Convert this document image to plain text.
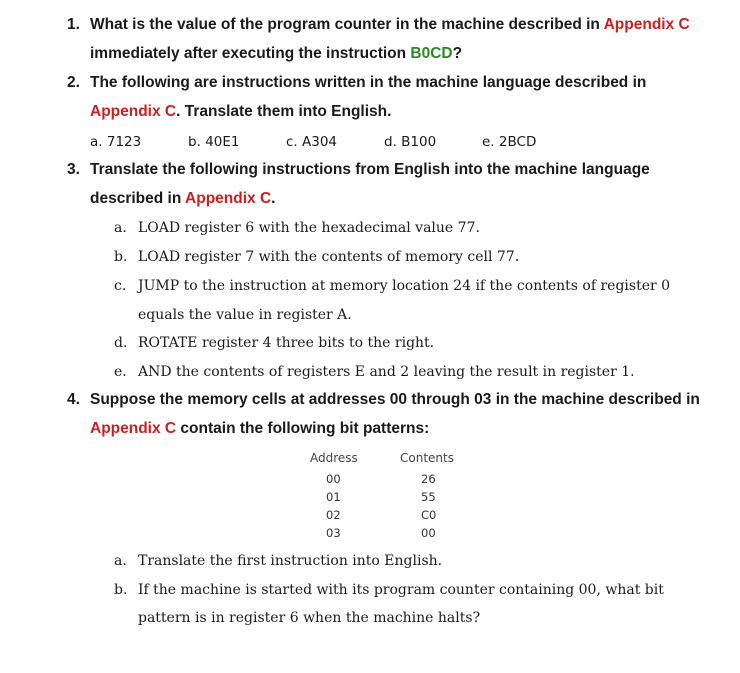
1. What is the value of the program counter in the machine described in Appendix C
immediately after executing the instruction B0CD?
2. The following are instructions written in the machine language described in
Appendix C. Translate them into English.
a. 7123	b. 40E1	c. A304	d. B100	e. 2BCD
3. Translate the following instructions from English into the machine language
described in Appendix C.
a. LOAD register 6 with the hexadecimal value 77.
b. LOAD register 7 with the contents of memory cell 77.
c. JUMP to the instruction at memory location 24 if the contents of register 0
equals the value in register A.
d. ROTATE register 4 three bits to the right.
e. AND the contents of registers E and 2 leaving the result in register 1.
4. Suppose the memory cells at addresses 00 through 03 in the machine described in
Appendix C contain the following bit patterns:
Address	Contents
00	26
01	55
02	C0
03	00
a. Translate the first instruction into English.
b. If the machine is started with its program counter containing 00, what bit
pattern is in register 6 when the machine halts?
